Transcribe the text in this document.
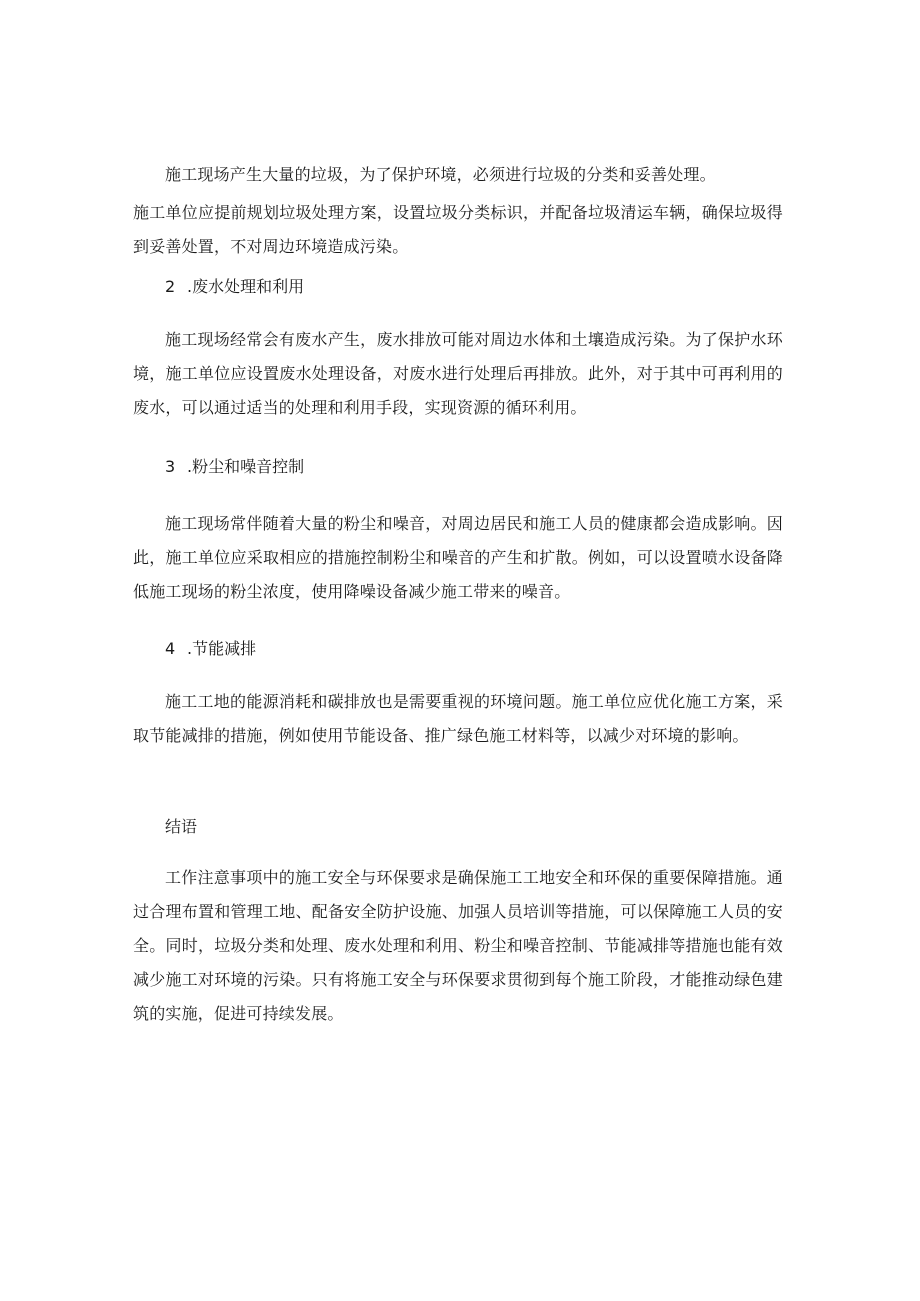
施工现场产生大量的垃圾，为了保护环境，必须进行垃圾的分类和妥善处理。

施工单位应提前规划垃圾处理方案，设置垃圾分类标识，并配备垃圾清运车辆，确保垃圾得到妥善处置，不对周边环境造成污染。

2 .废水处理和利用

施工现场经常会有废水产生，废水排放可能对周边水体和土壤造成污染。为了保护水环境，施工单位应设置废水处理设备，对废水进行处理后再排放。此外，对于其中可再利用的废水，可以通过适当的处理和利用手段，实现资源的循环利用。

3 .粉尘和噪音控制

施工现场常伴随着大量的粉尘和噪音，对周边居民和施工人员的健康都会造成影响。因此，施工单位应采取相应的措施控制粉尘和噪音的产生和扩散。例如，可以设置喷水设备降低施工现场的粉尘浓度，使用降噪设备减少施工带来的噪音。

4 .节能减排

施工工地的能源消耗和碳排放也是需要重视的环境问题。施工单位应优化施工方案，采取节能减排的措施，例如使用节能设备、推广绿色施工材料等，以减少对环境的影响。

结语

工作注意事项中的施工安全与环保要求是确保施工工地安全和环保的重要保障措施。通过合理布置和管理工地、配备安全防护设施、加强人员培训等措施，可以保障施工人员的安全。同时，垃圾分类和处理、废水处理和利用、粉尘和噪音控制、节能减排等措施也能有效减少施工对环境的污染。只有将施工安全与环保要求贯彻到每个施工阶段，才能推动绿色建筑的实施，促进可持续发展。
